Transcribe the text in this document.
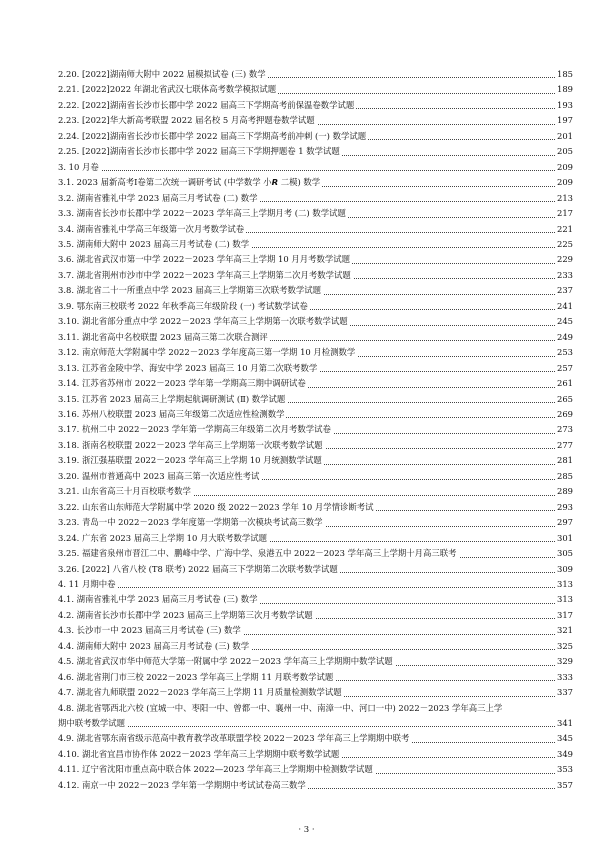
2.20. [2022]湖南师大附中 2022 届模拟试卷 (三) 数学	185
2.21. [2022]2022 年湖北省武汉七联体高考数学模拟试题	189
2.22. [2022]湖南省长沙市长郡中学 2022 届高三下学期高考前保温卷数学试题	193
2.23. [2022]华大新高考联盟 2022 届名校 5 月高考押题卷数学试题	197
2.24. [2022]湖南省长沙市长郡中学 2022 届高三下学期高考前冲刺 (一) 数学试题	201
2.25. [2022]湖南省长沙市长郡中学 2022 届高三下学期押题卷 1 数学试题	205
3. 10 月卷	209
3.1. 2023 届新高考Ⅰ卷第二次统一调研考试 (中学数学 小𝙍 二模) 数学	209
3.2. 湖南省雅礼中学 2023 届高三月考试卷 (二) 数学	213
3.3. 湖南省长沙市长郡中学 2022－2023 学年高三上学期月考 (二) 数学试题	217
3.4. 湖南省雅礼中学高三年级第一次月考数学试卷	221
3.5. 湖南师大附中 2023 届高三月考试卷 (二) 数学	225
3.6. 湖北省武汉市第一中学 2022－2023 学年高三上学期 10 月月考数学试题	229
3.7. 湖北省荆州市沙市中学 2022－2023 学年高三上学期第二次月考数学试题	233
3.8. 湖北省二十一所重点中学 2023 届高三上学期第三次联考数学试题	237
3.9. 鄂东南三校联考 2022 年秋季高三年级阶段 (一) 考试数学试卷	241
3.10. 湖北省部分重点中学 2022－2023 学年高三上学期第一次联考数学试题	245
3.11. 湖北省高中名校联盟 2023 届高三第二次联合测评	249
3.12. 南京师范大学附属中学 2022－2023 学年度高三第一学期 10 月检测数学	253
3.13. 江苏省金陵中学、海安中学 2023 届高三 10 月第二次联考数学	257
3.14. 江苏省苏州市 2022－2023 学年第一学期高三期中调研试卷	261
3.15. 江苏省 2023 届高三上学期起航调研测试 (Ⅱ) 数学试题	265
3.16. 苏州八校联盟 2023 届高三年级第二次适应性检测数学	269
3.17. 杭州二中 2022－2023 学年第一学期高三年级第二次月考数学试卷	273
3.18. 浙南名校联盟 2022－2023 学年高三上学期第一次联考数学试题	277
3.19. 浙江强基联盟 2022－2023 学年高三上学期 10 月统测数学试题	281
3.20. 温州市普通高中 2023 届高三第一次适应性考试	285
3.21. 山东省高三十月百校联考数学	289
3.22. 山东省山东师范大学附属中学 2020 级 2022－2023 学年 10 月学情诊断考试	293
3.23. 青岛一中 2022－2023 学年度第一学期第一次模块考试高三数学	297
3.24. 广东省 2023 届高三上学期 10 月大联考数学试题	301
3.25. 福建省泉州市晋江二中、鹏峰中学、广海中学、泉港五中 2022－2023 学年高三上学期十月高三联考	305
3.26. [2022] 八省八校 (T8 联考) 2022 届高三下学期第二次联考数学试题	309
4. 11 月期中卷	313
4.1. 湖南省雅礼中学 2023 届高三月考试卷 (三) 数学	313
4.2. 湖南省长沙市长郡中学 2023 届高三上学期第三次月考数学试题	317
4.3. 长沙市一中 2023 届高三月考试卷 (三) 数学	321
4.4. 湖南师大附中 2023 届高三月考试卷 (三) 数学	325
4.5. 湖北省武汉市华中师范大学第一附属中学 2022－2023 学年高三上学期期中数学试题	329
4.6. 湖北省荆门市三校 2022－2023 学年高三上学期 11 月联考数学试题	333
4.7. 湖北省九师联盟 2022－2023 学年高三上学期 11 月质量检测数学试题	337
4.8. 湖北省鄂西北六校 (宜城一中、枣阳一中、曾都一中、襄州一中、南漳一中、河口一中) 2022－2023 学年高三上学
期中联考数学试题	341
4.9. 湖北省鄂东南省级示范高中教育教学改革联盟学校 2022－2023 学年高三上学期期中联考	345
4.10. 湖北省宜昌市协作体 2022－2023 学年高三上学期期中联考数学试题	349
4.11. 辽宁省沈阳市重点高中联合体 2022—2023 学年高三上学期期中检测数学试题	353
4.12. 南京一中 2022－2023 学年第一学期期中考试试卷高三数学	357
· 3 ·
